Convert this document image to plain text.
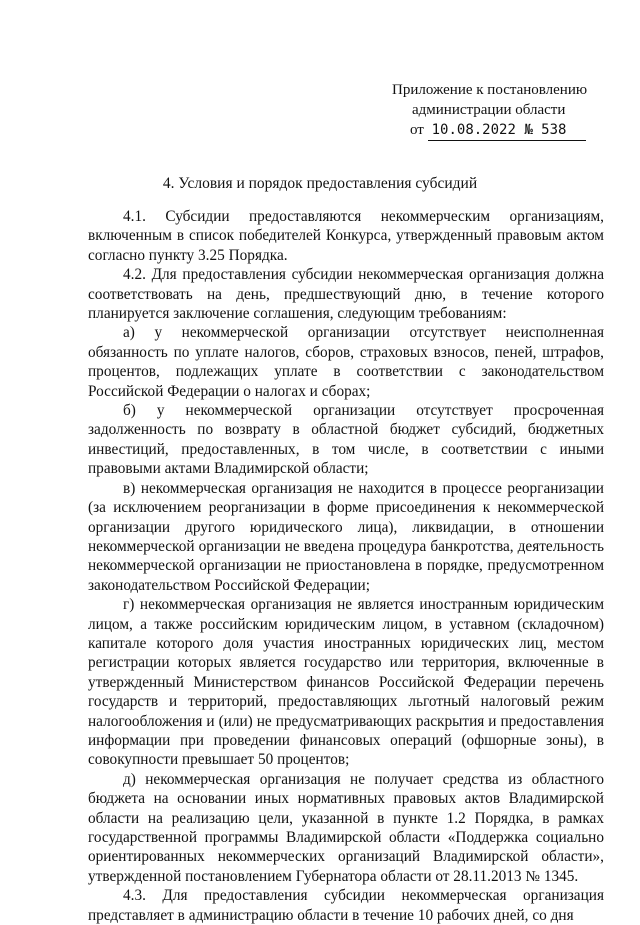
Приложение к постановлению
администрации области
от 10.08.2022 № 538
4. Условия и порядок предоставления субсидий

4.1. Субсидии предоставляются некоммерческим организациям, включенным в список победителей Конкурса, утвержденный правовым актом согласно пункту 3.25 Порядка.

4.2. Для предоставления субсидии некоммерческая организация должна соответствовать на день, предшествующий дню, в течение которого планируется заключение соглашения, следующим требованиям:

а) у некоммерческой организации отсутствует неисполненная обязанность по уплате налогов, сборов, страховых взносов, пеней, штрафов, процентов, подлежащих уплате в соответствии с законодательством Российской Федерации о налогах и сборах;

б) у некоммерческой организации отсутствует просроченная задолженность по возврату в областной бюджет субсидий, бюджетных инвестиций, предоставленных, в том числе, в соответствии с иными правовыми актами Владимирской области;

в) некоммерческая организация не находится в процессе реорганизации (за исключением реорганизации в форме присоединения к некоммерческой организации другого юридического лица), ликвидации, в отношении некоммерческой организации не введена процедура банкротства, деятельность некоммерческой организации не приостановлена в порядке, предусмотренном законодательством Российской Федерации;

г) некоммерческая организация не является иностранным юридическим лицом, а также российским юридическим лицом, в уставном (складочном) капитале которого доля участия иностранных юридических лиц, местом регистрации которых является государство или территория, включенные в утвержденный Министерством финансов Российской Федерации перечень государств и территорий, предоставляющих льготный налоговый режим налогообложения и (или) не предусматривающих раскрытия и предоставления информации при проведении финансовых операций (офшорные зоны), в совокупности превышает 50 процентов;

д) некоммерческая организация не получает средства из областного бюджета на основании иных нормативных правовых актов Владимирской области на реализацию цели, указанной в пункте 1.2 Порядка, в рамках государственной программы Владимирской области «Поддержка социально ориентированных некоммерческих организаций Владимирской области», утвержденной постановлением Губернатора области от 28.11.2013 № 1345.

4.3. Для предоставления субсидии некоммерческая организация представляет в администрацию области в течение 10 рабочих дней, со дня
